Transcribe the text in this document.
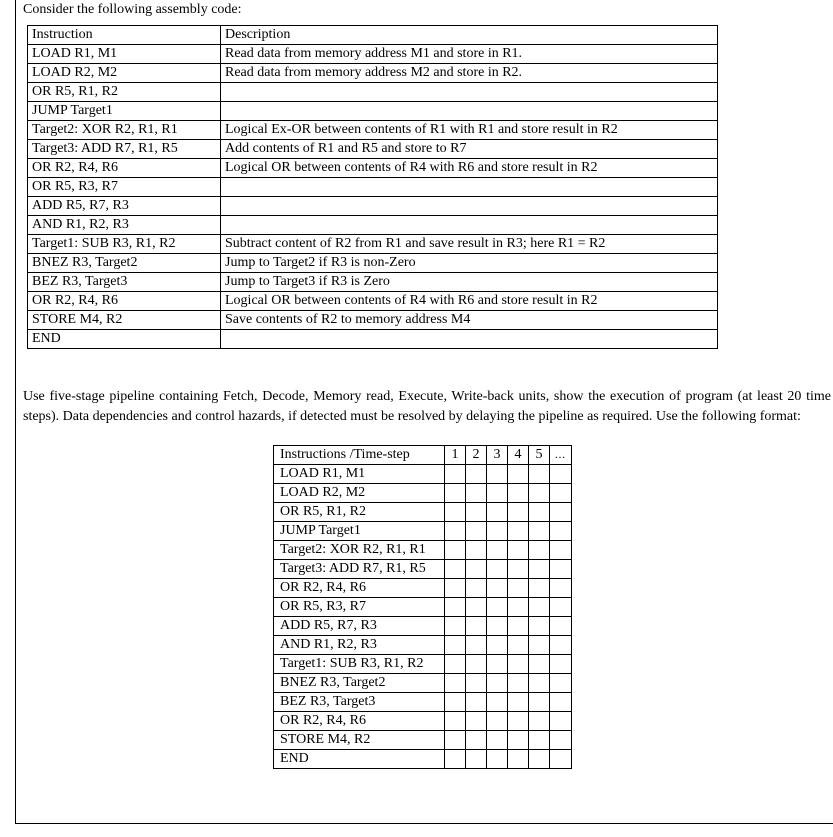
Consider the following assembly code:
Instruction	Description
LOAD R1, M1	Read data from memory address M1 and store in R1.
LOAD R2, M2	Read data from memory address M2 and store in R2.
OR R5, R1, R2	
JUMP Target1	
Target2: XOR R2, R1, R1	Logical Ex-OR between contents of R1 with R1 and store result in R2
Target3: ADD R7, R1, R5	Add contents of R1 and R5 and store to R7
OR R2, R4, R6	Logical OR between contents of R4 with R6 and store result in R2
OR R5, R3, R7	
ADD R5, R7, R3	
AND R1, R2, R3	
Target1: SUB R3, R1, R2	Subtract content of R2 from R1 and save result in R3; here R1 = R2
BNEZ R3, Target2	Jump to Target2 if R3 is non-Zero
BEZ R3, Target3	Jump to Target3 if R3 is Zero
OR R2, R4, R6	Logical OR between contents of R4 with R6 and store result in R2
STORE M4, R2	Save contents of R2 to memory address M4
END	
Use five-stage pipeline containing Fetch, Decode, Memory read, Execute, Write-back units, show the execution of program (at least 20 time steps). Data dependencies and control hazards, if detected must be resolved by delaying the pipeline as required. Use the following format:
Instructions /Time-step	1	2	3	4	5	…
LOAD R1, M1						
LOAD R2, M2						
OR R5, R1, R2						
JUMP Target1						
Target2: XOR R2, R1, R1						
Target3: ADD R7, R1, R5						
OR R2, R4, R6						
OR R5, R3, R7						
ADD R5, R7, R3						
AND R1, R2, R3						
Target1: SUB R3, R1, R2						
BNEZ R3, Target2						
BEZ R3, Target3						
OR R2, R4, R6						
STORE M4, R2						
END						
